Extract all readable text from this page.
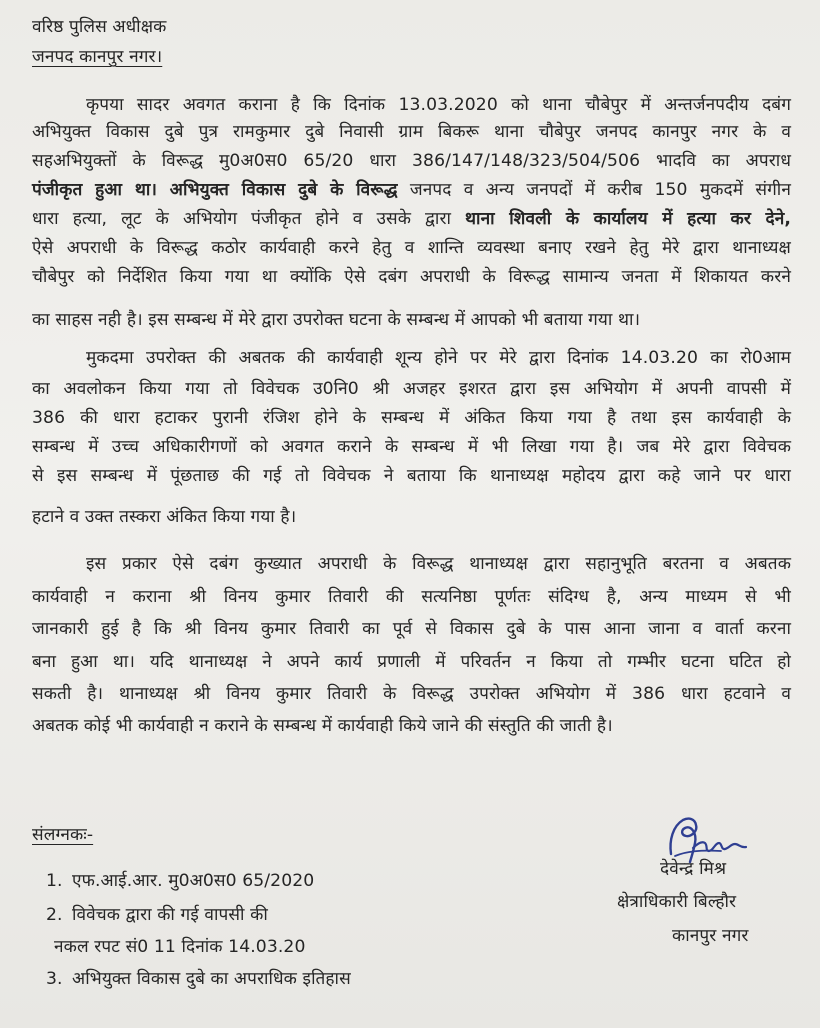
वरिष्ठ पुलिस अधीक्षक
जनपद कानपुर नगर।
कृपया सादर अवगत कराना है कि दिनांक 13.03.2020 को थाना चौबेपुर में अन्तर्जनपदीय दबंग
अभियुक्त विकास दुबे पुत्र रामकुमार दुबे निवासी ग्राम बिकरू थाना चौबेपुर जनपद कानपुर नगर के व
सहअभियुक्तों के विरूद्ध मु0अ0स0 65/20 धारा 386/147/148/323/504/506 भादवि का अपराध
पंजीकृत हुआ था। अभियुक्त विकास दुबे के विरूद्ध जनपद व अन्य जनपदों में करीब 150 मुकदमें संगीन
धारा हत्या, लूट के अभियोग पंजीकृत होने व उसके द्वारा थाना शिवली के कार्यालय में हत्या कर देने,
ऐसे अपराधी के विरूद्ध कठोर कार्यवाही करने हेतु व शान्ति व्यवस्था बनाए रखने हेतु मेरे द्वारा थानाध्यक्ष
चौबेपुर को निर्देशित किया गया था क्योंकि ऐसे दबंग अपराधी के विरूद्ध सामान्य जनता में शिकायत करने
का साहस नही है। इस सम्बन्ध में मेरे द्वारा उपरोक्त घटना के सम्बन्ध में आपको भी बताया गया था।
मुकदमा उपरोक्त की अबतक की कार्यवाही शून्य होने पर मेरे द्वारा दिनांक 14.03.20 का रो0आम
का अवलोकन किया गया तो विवेचक उ0नि0 श्री अजहर इशरत द्वारा इस अभियोग में अपनी वापसी में
386 की धारा हटाकर पुरानी रंजिश होने के सम्बन्ध में अंकित किया गया है तथा इस कार्यवाही के
सम्बन्ध में उच्च अधिकारीगणों को अवगत कराने के सम्बन्ध में भी लिखा गया है। जब मेरे द्वारा विवेचक
से इस सम्बन्ध में पूंछताछ की गई तो विवेचक ने बताया कि थानाध्यक्ष महोदय द्वारा कहे जाने पर धारा
हटाने व उक्त तस्करा अंकित किया गया है।
इस प्रकार ऐसे दबंग कुख्यात अपराधी के विरूद्ध थानाध्यक्ष द्वारा सहानुभूति बरतना व अबतक
कार्यवाही न कराना श्री विनय कुमार तिवारी की सत्यनिष्ठा पूर्णतः संदिग्ध है, अन्य माध्यम से भी
जानकारी हुई है कि श्री विनय कुमार तिवारी का पूर्व से विकास दुबे के पास आना जाना व वार्ता करना
बना हुआ था। यदि थानाध्यक्ष ने अपने कार्य प्रणाली में परिवर्तन न किया तो गम्भीर घटना घटित हो
सकती है। थानाध्यक्ष श्री विनय कुमार तिवारी के विरूद्ध उपरोक्त अभियोग में 386 धारा हटवाने व
अबतक कोई भी कार्यवाही न कराने के सम्बन्ध में कार्यवाही किये जाने की संस्तुति की जाती है।
संलग्नकः-
1. एफ.आई.आर. मु0अ0स0 65/2020
2. विवेचक द्वारा की गई वापसी की
नकल रपट सं0 11 दिनांक 14.03.20
3. अभियुक्त विकास दुबे का अपराधिक इतिहास
देवेन्द्र मिश्र
क्षेत्राधिकारी बिल्हौर
कानपुर नगर
